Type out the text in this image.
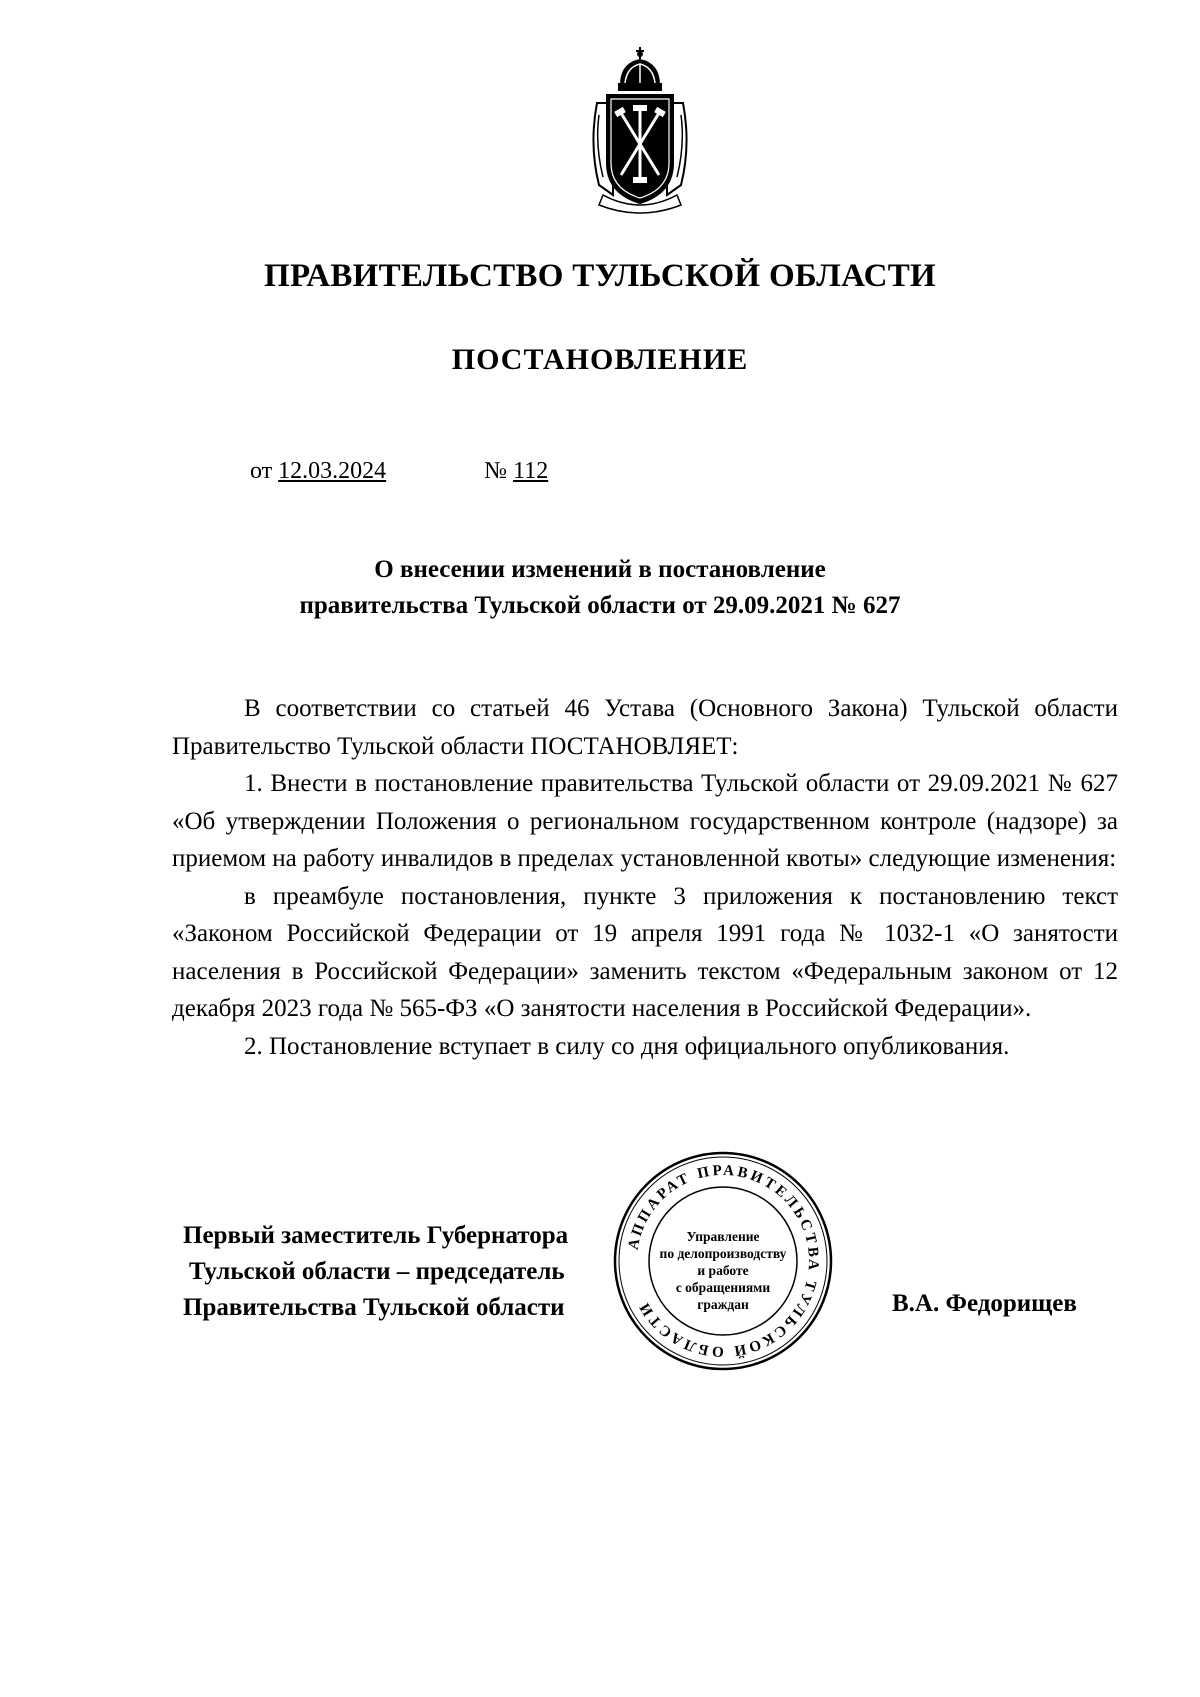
ПРАВИТЕЛЬСТВО ТУЛЬСКОЙ ОБЛАСТИ
ПОСТАНОВЛЕНИЕ
от 12.03.2024	№ 112
О внесении изменений в постановление
правительства Тульской области от 29.09.2021 № 627

В соответствии со статьей 46 Устава (Основного Закона) Тульской области Правительство Тульской области ПОСТАНОВЛЯЕТ:

1. Внести в постановление правительства Тульской области от 29.09.2021 № 627 «Об утверждении Положения о региональном государственном контроле (надзоре) за приемом на работу инвалидов в пределах установленной квоты» следующие изменения:

в преамбуле постановления, пункте 3 приложения к постановлению текст «Законом Российской Федерации от 19 апреля 1991 года № 1032-1 «О занятости населения в Российской Федерации» заменить текстом «Федеральным законом от 12 декабря 2023 года № 565-ФЗ «О занятости населения в Российской Федерации».

2. Постановление вступает в силу со дня официального опубликования.

Первый заместитель Губернатора
Тульской области – председатель
Правительства Тульской области	В.А. Федорищев
АППАРАТ ПРАВИТЕЛЬСТВА ТУЛЬСКОЙ ОБЛАСТИ
Управление
по делопроизводству
и работе
с обращениями
граждан
